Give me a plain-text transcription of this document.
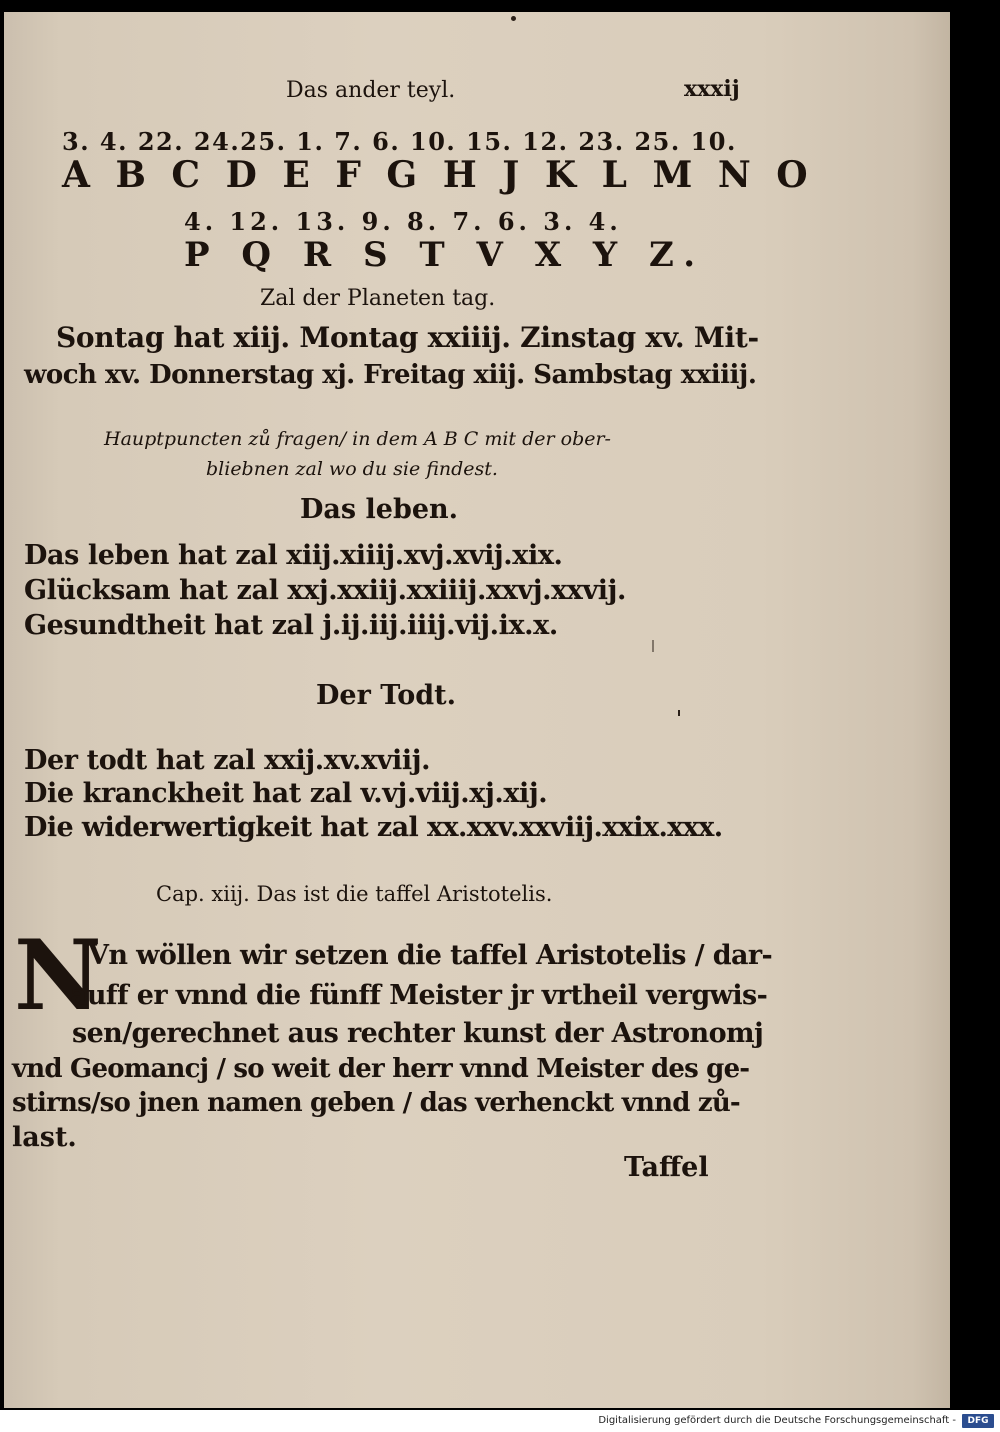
Das ander teyl.	xxxij
3. 4. 22. 24.25. 1. 7. 6. 10. 15. 12. 23. 25. 10.
A B C D E F G H J K L M N O
4. 12. 13. 9. 8. 7. 6. 3. 4.
P Q R S T V X Y Z.
Zal der Planeten tag.
Sontag hat xiij. Montag xxiiij. Zinstag xv. Mit-
woch xv. Donnerstag xj. Freitag xiij. Sambstag xxiiij.
Hauptpuncten zů fragen/ in dem A B C mit der ober-
bliebnen zal wo du sie findest.
Das leben.
Das leben hat zal xiij.xiiij.xvj.xvij.xix.
Glücksam hat zal xxj.xxiij.xxiiij.xxvj.xxvij.
Gesundtheit hat zal j.ij.iij.iiij.vij.ix.x.
Der Todt.
Der todt hat zal xxij.xv.xviij.
Die kranckheit hat zal v.vj.viij.xj.xij.
Die widerwertigkeit hat zal xx.xxv.xxviij.xxix.xxx.
Cap. xiij. Das ist die taffel Aristotelis.
N
Vn wöllen wir setzen die taffel Aristotelis / dar-
auff er vnnd die fünff Meister jr vrtheil vergwis-
sen/gerechnet aus rechter kunst der Astronomj
vnd Geomancj / so weit der herr vnnd Meister des ge-
stirns/so jnen namen geben / das verhenckt vnnd zů-
last.
Taffel
Digitalisierung gefördert durch die Deutsche Forschungsgemeinschaft -	DFG
